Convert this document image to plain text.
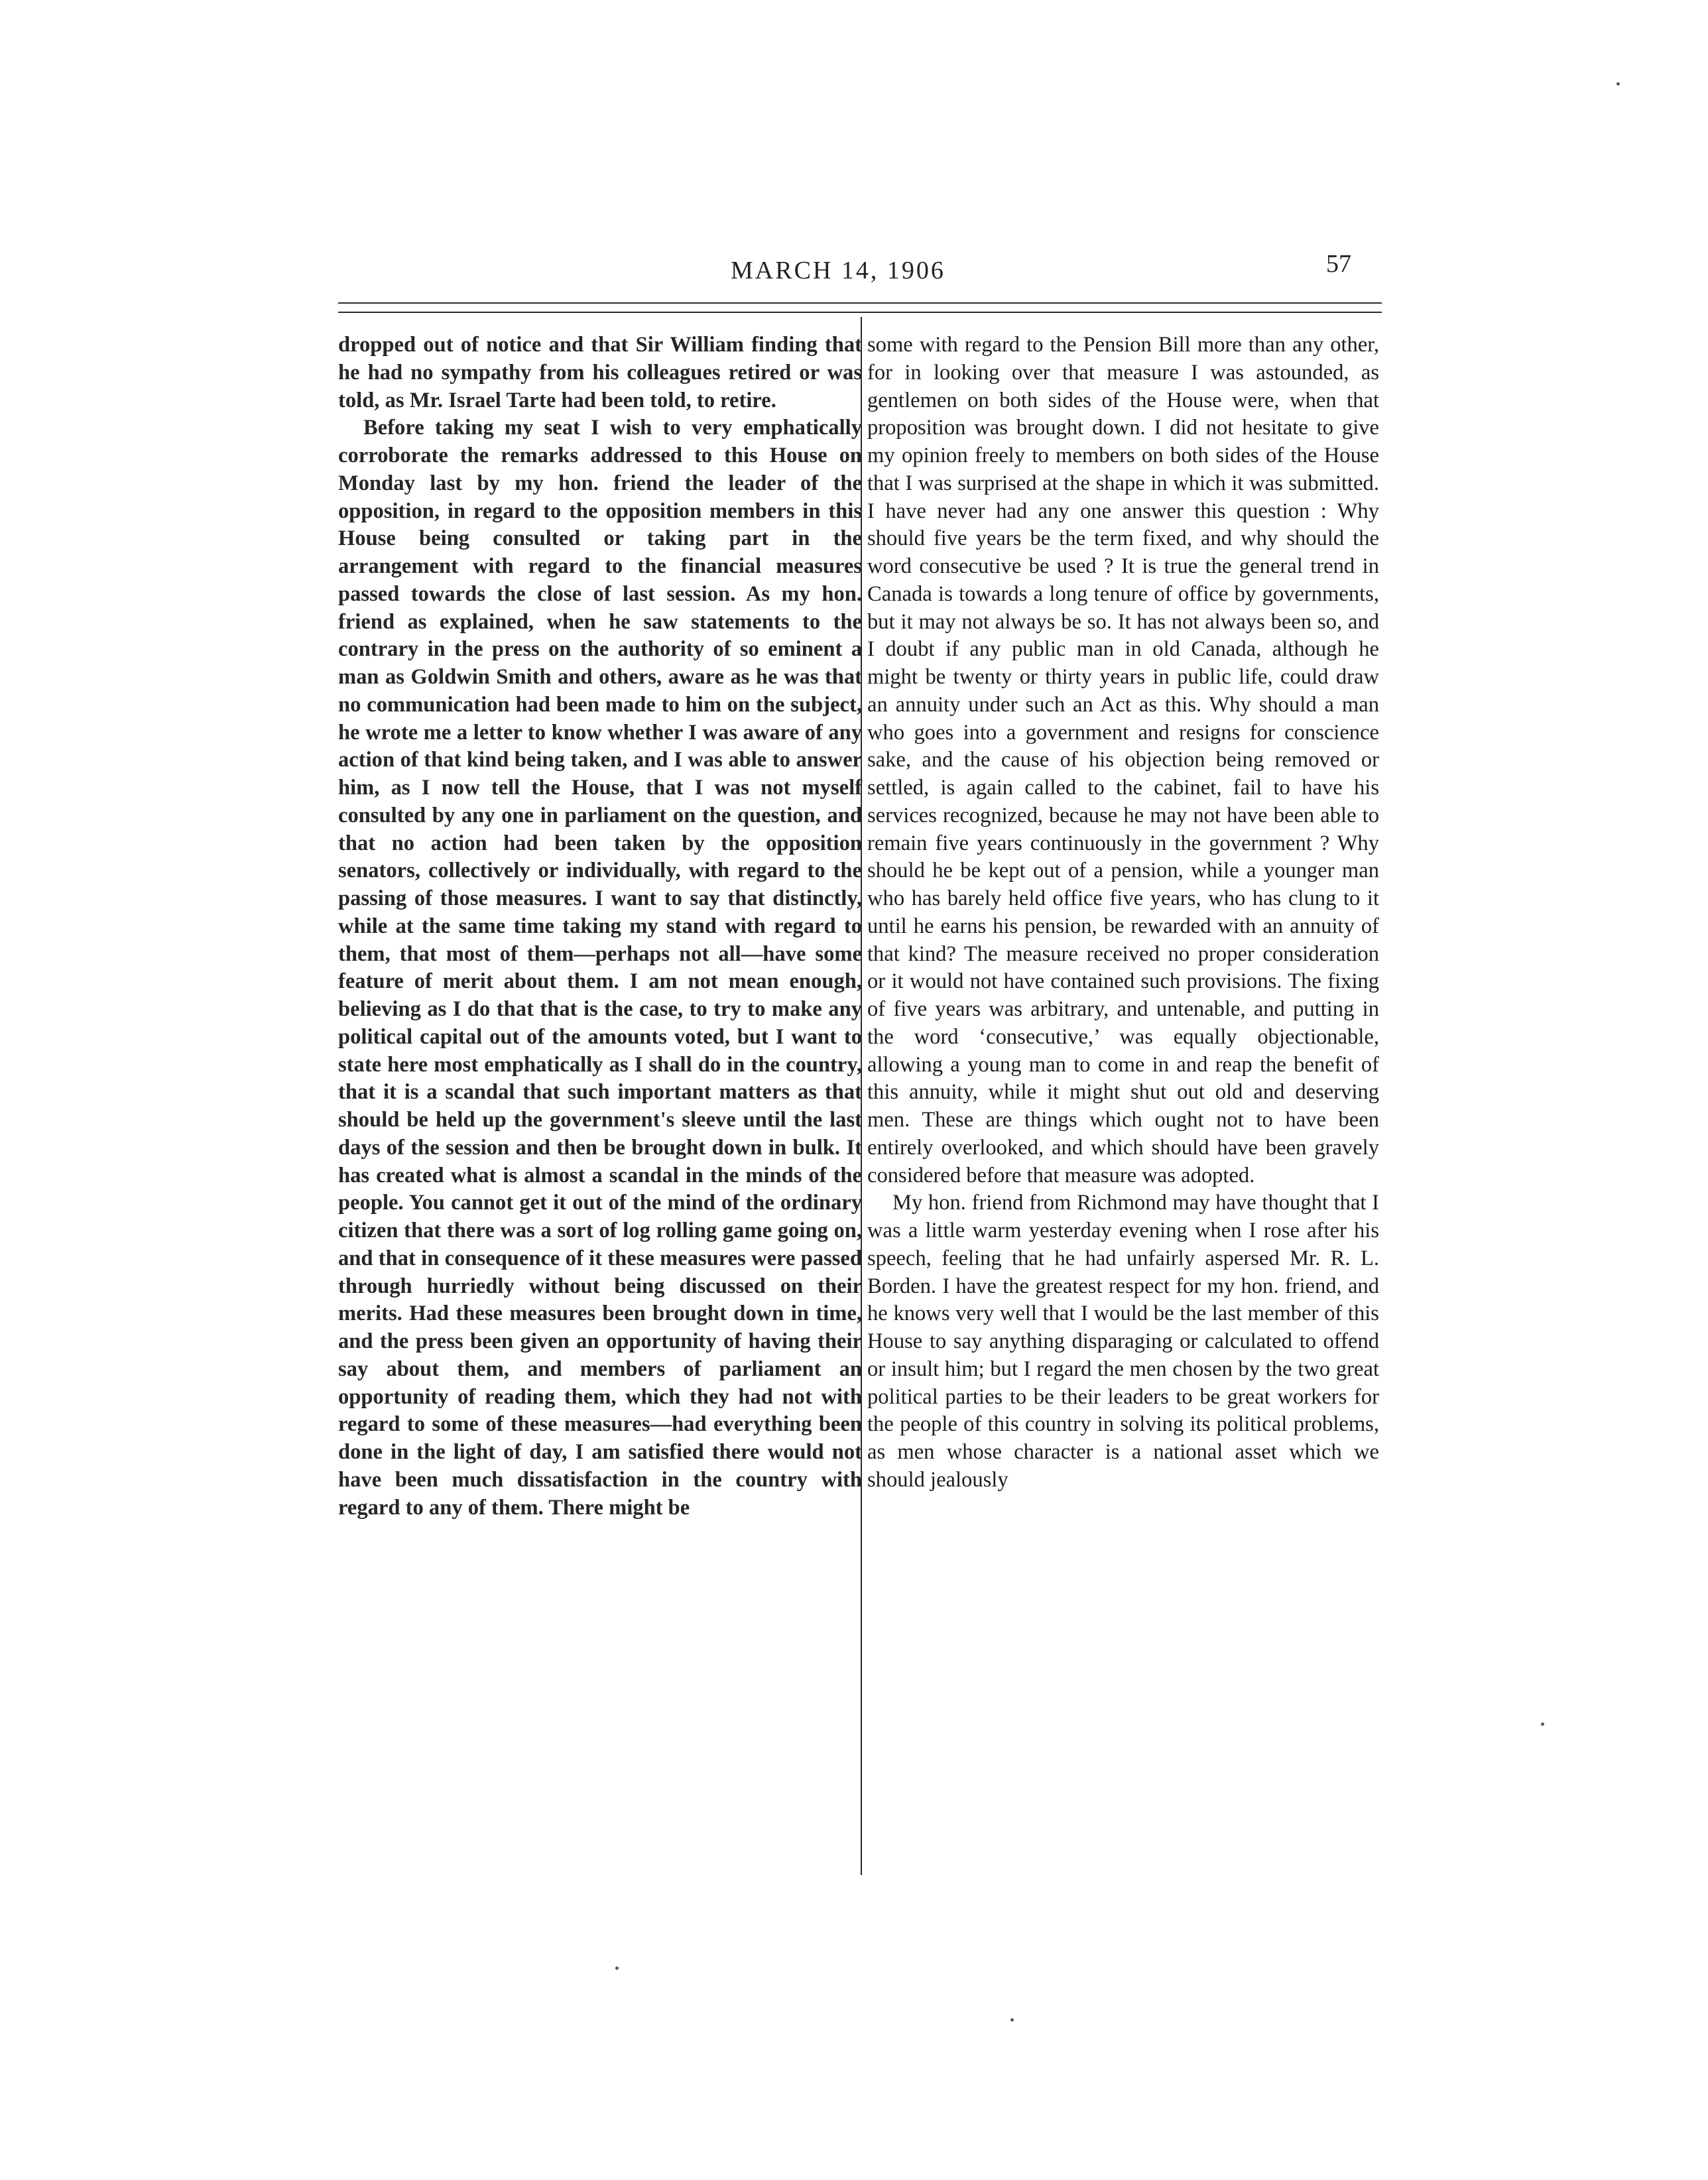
MARCH 14, 1906	57

dropped out of notice and that Sir William finding that he had no sympathy from his colleagues retired or was told, as Mr. Israel Tarte had been told, to retire.

Before taking my seat I wish to very emphatically corroborate the remarks addressed to this House on Monday last by my hon. friend the leader of the opposition, in regard to the opposition members in this House being consulted or taking part in the arrangement with regard to the financial measures passed towards the close of last session. As my hon. friend as explained, when he saw statements to the contrary in the press on the authority of so eminent a man as Goldwin Smith and others, aware as he was that no communication had been made to him on the subject, he wrote me a letter to know whether I was aware of any action of that kind being taken, and I was able to answer him, as I now tell the House, that I was not myself consulted by any one in parliament on the question, and that no action had been taken by the opposition senators, collectively or individually, with regard to the passing of those measures. I want to say that distinctly, while at the same time taking my stand with regard to them, that most of them—perhaps not all—have some feature of merit about them. I am not mean enough, believing as I do that that is the case, to try to make any political capital out of the amounts voted, but I want to state here most emphatically as I shall do in the country, that it is a scandal that such important matters as that should be held up the government's sleeve until the last days of the session and then be brought down in bulk. It has created what is almost a scandal in the minds of the people. You cannot get it out of the mind of the ordinary citizen that there was a sort of log rolling game going on, and that in consequence of it these measures were passed through hurriedly without being discussed on their merits. Had these measures been brought down in time, and the press been given an opportunity of having their say about them, and members of parliament an opportunity of reading them, which they had not with regard to some of these measures—had everything been done in the light of day, I am satisfied there would not have been much dissatisfaction in the country with regard to any of them. There might be

some with regard to the Pension Bill more than any other, for in looking over that measure I was astounded, as gentlemen on both sides of the House were, when that proposition was brought down. I did not hesitate to give my opinion freely to members on both sides of the House that I was surprised at the shape in which it was submitted. I have never had any one answer this question : Why should five years be the term fixed, and why should the word consecutive be used ? It is true the general trend in Canada is towards a long tenure of office by governments, but it may not always be so. It has not always been so, and I doubt if any public man in old Canada, although he might be twenty or thirty years in public life, could draw an annuity under such an Act as this. Why should a man who goes into a government and resigns for conscience sake, and the cause of his objection being removed or settled, is again called to the cabinet, fail to have his services recognized, because he may not have been able to remain five years continuously in the government ? Why should he be kept out of a pension, while a younger man who has barely held office five years, who has clung to it until he earns his pension, be rewarded with an annuity of that kind? The measure received no proper consideration or it would not have contained such provisions. The fixing of five years was arbitrary, and untenable, and putting in the word ‘consecutive,’ was equally objectionable, allowing a young man to come in and reap the benefit of this annuity, while it might shut out old and deserving men. These are things which ought not to have been entirely overlooked, and which should have been gravely considered before that measure was adopted.

My hon. friend from Richmond may have thought that I was a little warm yesterday evening when I rose after his speech, feeling that he had unfairly aspersed Mr. R. L. Borden. I have the greatest respect for my hon. friend, and he knows very well that I would be the last member of this House to say anything disparaging or calculated to offend or insult him; but I regard the men chosen by the two great political parties to be their leaders to be great workers for the people of this country in solving its political problems, as men whose character is a national asset which we should jealously
